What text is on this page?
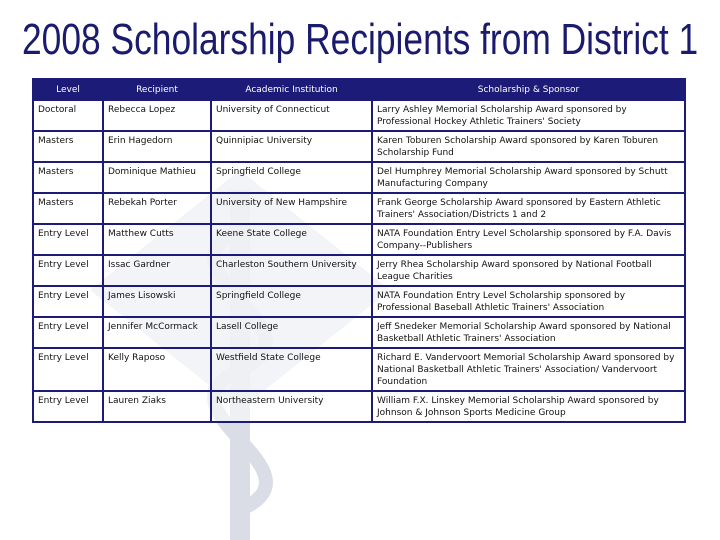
2008 Scholarship Recipients from District 1
Level	Recipient	Academic Institution	Scholarship & Sponsor
Doctoral	Rebecca Lopez	University of Connecticut	Larry Ashley Memorial Scholarship Award sponsored by Professional Hockey Athletic Trainers' Society
Masters	Erin Hagedorn	Quinnipiac University	Karen Toburen Scholarship Award sponsored by Karen Toburen Scholarship Fund
Masters	Dominique Mathieu	Springfield College	Del Humphrey Memorial Scholarship Award sponsored by Schutt Manufacturing Company
Masters	Rebekah Porter	University of New Hampshire	Frank George Scholarship Award sponsored by Eastern Athletic Trainers' Association/Districts 1 and 2
Entry Level	Matthew Cutts	Keene State College	NATA Foundation Entry Level Scholarship sponsored by F.A. Davis Company--Publishers
Entry Level	Issac Gardner	Charleston Southern University	Jerry Rhea Scholarship Award sponsored by National Football League Charities
Entry Level	James Lisowski	Springfield College	NATA Foundation Entry Level Scholarship sponsored by Professional Baseball Athletic Trainers' Association
Entry Level	Jennifer McCormack	Lasell College	Jeff Snedeker Memorial Scholarship Award sponsored by National Basketball Athletic Trainers' Association
Entry Level	Kelly Raposo	Westfield State College	Richard E. Vandervoort Memorial Scholarship Award sponsored by National Basketball Athletic Trainers' Association/ Vandervoort Foundation
Entry Level	Lauren Ziaks	Northeastern University	William F.X. Linskey Memorial Scholarship Award sponsored by Johnson & Johnson Sports Medicine Group
